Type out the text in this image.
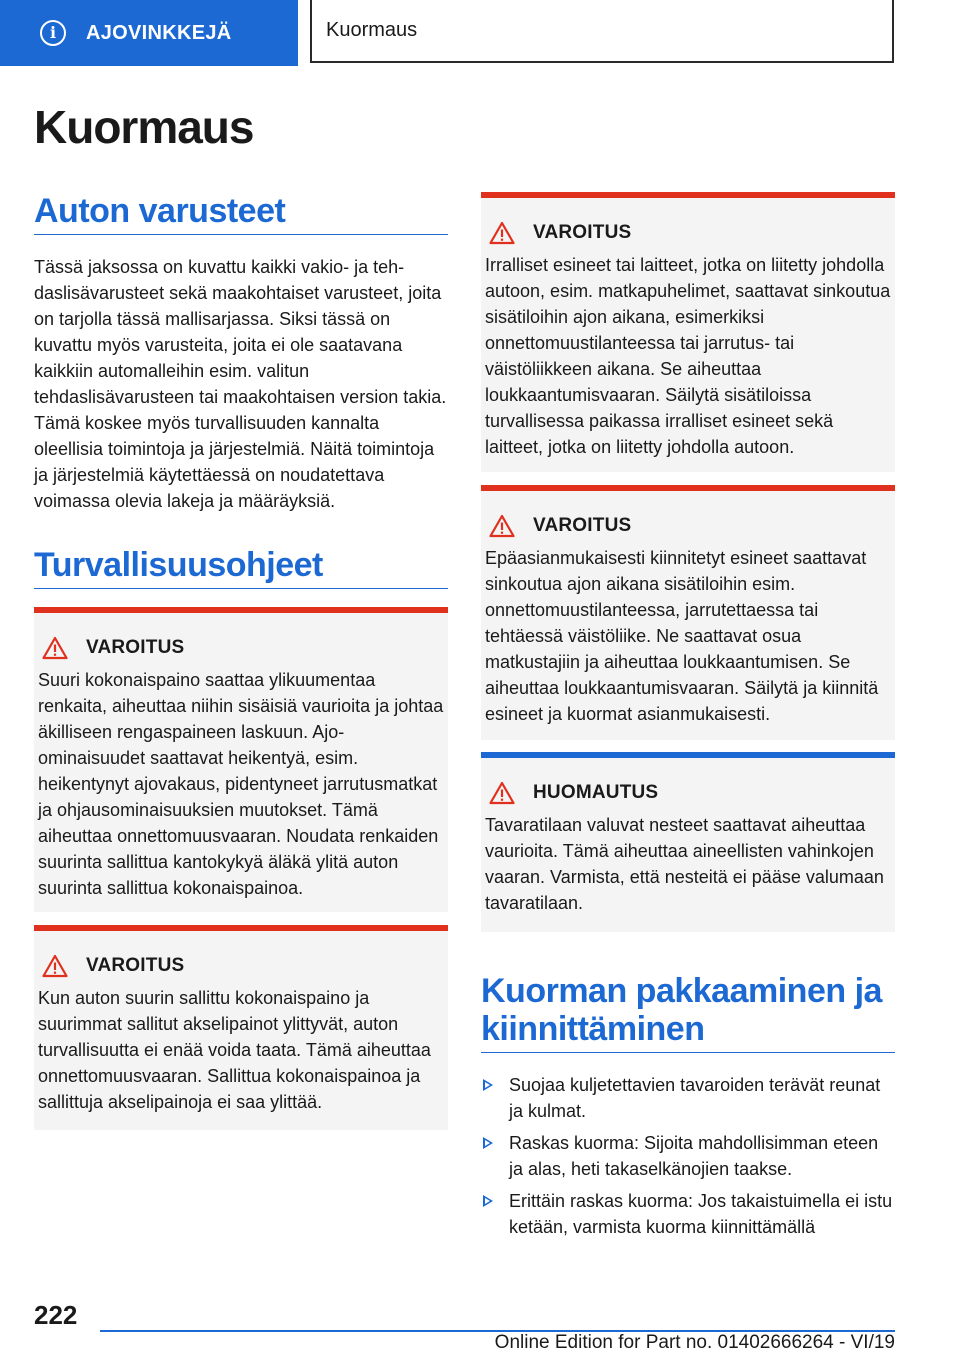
i	AJOVINKKEJÄ	Kuormaus
Kuormaus
Auton varusteet

Tässä jaksossa on kuvattu kaikki vakio- ja tehdaslisävarusteet sekä maakohtaiset varusteet, joita on tarjolla tässä mallisarjassa. Siksi tässä on kuvattu myös varusteita, joita ei ole saatavana kaikkiin automalleihin esim. valitun tehdaslisävarusteen tai maakohtaisen version takia. Tämä koskee myös turvallisuuden kannalta oleellisia toimintoja ja järjestelmiä. Näitä toimintoja ja järjestelmiä käytettäessä on noudatettava voimassa olevia lakeja ja määräyksiä.

Turvallisuusohjeet
VAROITUS

Suuri kokonaispaino saattaa ylikuumentaa renkaita, aiheuttaa niihin sisäisiä vaurioita ja johtaa äkilliseen rengaspaineen laskuun. Ajo-ominaisuudet saattavat heikentyä, esim. heikentynyt ajovakaus, pidentyneet jarrutusmatkat ja ohjausominaisuuksien muutokset. Tämä aiheuttaa onnettomuusvaaran. Noudata renkaiden suurinta sallittua kantokykyä äläkä ylitä auton suurinta sallittua kokonaispainoa.

VAROITUS

Kun auton suurin sallittu kokonaispaino ja suurimmat sallitut akselipainot ylittyvät, auton turvallisuutta ei enää voida taata. Tämä aiheuttaa onnettomuusvaaran. Sallittua kokonaispainoa ja sallittuja akselipainoja ei saa ylittää.

VAROITUS

Irralliset esineet tai laitteet, jotka on liitetty johdolla autoon, esim. matkapuhelimet, saattavat sinkoutua sisätiloihin ajon aikana, esimerkiksi onnettomuustilanteessa tai jarrutus- tai väistöliikkeen aikana. Se aiheuttaa loukkaantumisvaaran. Säilytä sisätiloissa turvallisessa paikassa irralliset esineet sekä laitteet, jotka on liitetty johdolla autoon.

VAROITUS

Epäasianmukaisesti kiinnitetyt esineet saattavat sinkoutua ajon aikana sisätiloihin esim. onnettomuustilanteessa, jarrutettaessa tai tehtäessä väistöliike. Ne saattavat osua matkustajiin ja aiheuttaa loukkaantumisen. Se aiheuttaa loukkaantumisvaaran. Säilytä ja kiinnitä esineet ja kuormat asianmukaisesti.

HUOMAUTUS

Tavaratilaan valuvat nesteet saattavat aiheuttaa vaurioita. Tämä aiheuttaa aineellisten vahinkojen vaaran. Varmista, että nesteitä ei pääse valumaan tavaratilaan.

Kuorman pakkaaminen ja kiinnittäminen
Suojaa kuljetettavien tavaroiden terävät reunat ja kulmat.
Raskas kuorma: Sijoita mahdollisimman eteen ja alas, heti takaselkänojien taakse.
Erittäin raskas kuorma: Jos takaistuimella ei istu ketään, varmista kuorma kiinnittämällä
222
Online Edition for Part no. 01402666264 - VI/19
